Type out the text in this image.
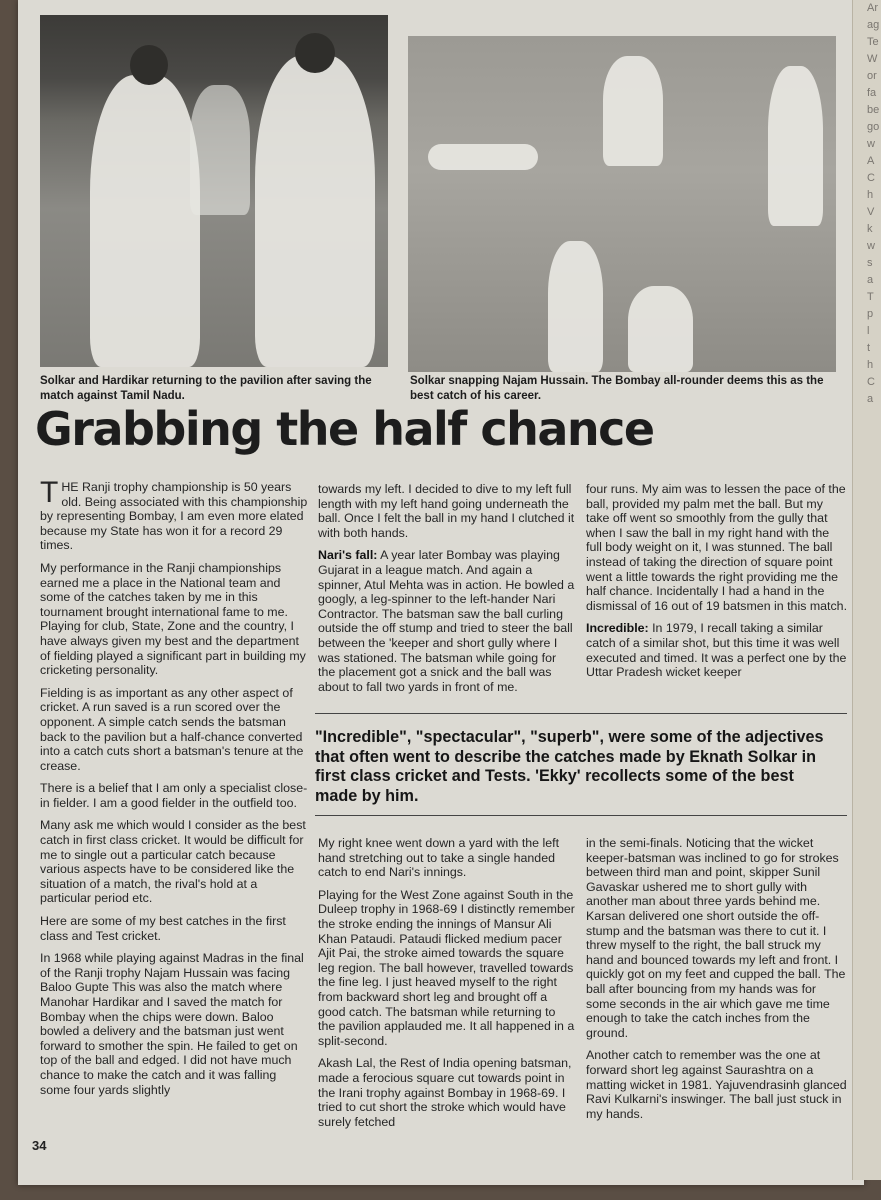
Ar
ag
Te
W
or
fa
be
go
w
A
C
h
V
k
w
s
a
T
p
l
t
h
C
a
Solkar and Hardikar returning to the pavilion after saving the match against Tamil Nadu.
Solkar snapping Najam Hussain. The Bombay all-rounder deems this as the best catch of his career.
Grabbing the half chance

THE Ranji trophy championship is 50 years old. Being associated with this championship by representing Bombay, I am even more elated because my State has won it for a record 29 times.

My performance in the Ranji championships earned me a place in the National team and some of the catches taken by me in this tournament brought international fame to me. Playing for club, State, Zone and the country, I have always given my best and the department of fielding played a significant part in building my cricketing personality.

Fielding is as important as any other aspect of cricket. A run saved is a run scored over the opponent. A simple catch sends the batsman back to the pavilion but a half-chance converted into a catch cuts short a batsman's tenure at the crease.

There is a belief that I am only a specialist close-in fielder. I am a good fielder in the outfield too.

Many ask me which would I consider as the best catch in first class cricket. It would be difficult for me to single out a particular catch because various aspects have to be considered like the situation of a match, the rival's hold at a particular period etc.

Here are some of my best catches in the first class and Test cricket.

In 1968 while playing against Madras in the final of the Ranji trophy Najam Hussain was facing Baloo Gupte This was also the match where Manohar Hardikar and I saved the match for Bombay when the chips were down. Baloo bowled a delivery and the batsman just went forward to smother the spin. He failed to get on top of the ball and edged. I did not have much chance to make the catch and it was falling some four yards slightly

towards my left. I decided to dive to my left full length with my left hand going underneath the ball. Once I felt the ball in my hand I clutched it with both hands.

Nari's fall: A year later Bombay was playing Gujarat in a league match. And again a spinner, Atul Mehta was in action. He bowled a googly, a leg-spinner to the left-hander Nari Contractor. The batsman saw the ball curling outside the off stump and tried to steer the ball between the 'keeper and short gully where I was stationed. The batsman while going for the placement got a snick and the ball was about to fall two yards in front of me.

four runs. My aim was to lessen the pace of the ball, provided my palm met the ball. But my take off went so smoothly from the gully that when I saw the ball in my right hand with the full body weight on it, I was stunned. The ball instead of taking the direction of square point went a little towards the right providing me the half chance. Incidentally I had a hand in the dismissal of 16 out of 19 batsmen in this match.

Incredible: In 1979, I recall taking a similar catch of a similar shot, but this time it was well executed and timed. It was a perfect one by the Uttar Pradesh wicket keeper

"Incredible", "spectacular", "superb", were some of the adjectives that often went to describe the catches made by Eknath Solkar in first class cricket and Tests. 'Ekky' recollects some of the best made by him.

My right knee went down a yard with the left hand stretching out to take a single handed catch to end Nari's innings.

Playing for the West Zone against South in the Duleep trophy in 1968-69 I distinctly remember the stroke ending the innings of Mansur Ali Khan Pataudi. Pataudi flicked medium pacer Ajit Pai, the stroke aimed towards the square leg region. The ball however, travelled towards the fine leg. I just heaved myself to the right from backward short leg and brought off a good catch. The batsman while returning to the pavilion applauded me. It all happened in a split-second.

Akash Lal, the Rest of India opening batsman, made a ferocious square cut towards point in the Irani trophy against Bombay in 1968-69. I tried to cut short the stroke which would have surely fetched

in the semi-finals. Noticing that the wicket keeper-batsman was inclined to go for strokes between third man and point, skipper Sunil Gavaskar ushered me to short gully with another man about three yards behind me. Karsan delivered one short outside the off-stump and the batsman was there to cut it. I threw myself to the right, the ball struck my hand and bounced towards my left and front. I quickly got on my feet and cupped the ball. The ball after bouncing from my hands was for some seconds in the air which gave me time enough to take the catch inches from the ground.

Another catch to remember was the one at forward short leg against Saurashtra on a matting wicket in 1981. Yajuvendrasinh glanced Ravi Kulkarni's inswinger. The ball just stuck in my hands.

34
